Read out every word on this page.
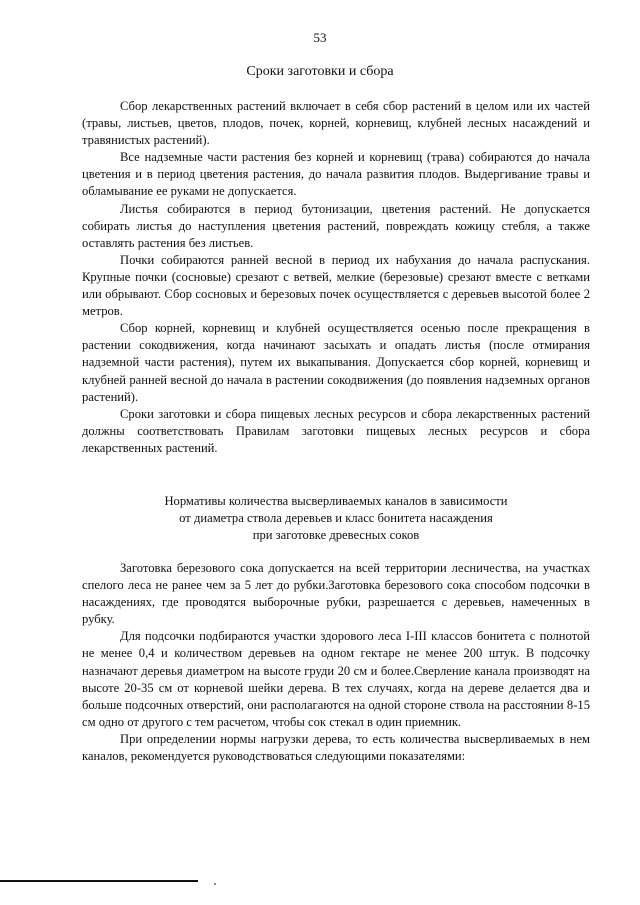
53
Сроки заготовки и сбора

Сбор лекарственных растений включает в себя сбор растений в целом или их частей (травы, листьев, цветов, плодов, почек, корней, корневищ, клубней лесных насаждений и травянистых растений).

Все надземные части растения без корней и корневищ (трава) собираются до начала цветения и в период цветения растения, до начала развития плодов. Выдергивание травы и обламывание ее руками не допускается.

Листья собираются в период бутонизации, цветения растений. Не допускается собирать листья до наступления цветения растений, повреждать кожицу стебля, а также оставлять растения без листьев.

Почки собираются ранней весной в период их набухания до начала распускания. Крупные почки (сосновые) срезают с ветвей, мелкие (березовые) срезают вместе с ветками или обрывают. Сбор сосновых и березовых почек осуществляется с деревьев высотой более 2 метров.

Сбор корней, корневищ и клубней осуществляется осенью после прекращения в растении сокодвижения, когда начинают засыхать и опадать листья (после отмирания надземной части растения), путем их выкапывания. Допускается сбор корней, корневищ и клубней ранней весной до начала в растении сокодвижения (до появления надземных органов растений).

Сроки заготовки и сбора пищевых лесных ресурсов и сбора лекарственных растений должны соответствовать Правилам заготовки пищевых лесных ресурсов и сбора лекарственных растений.

Нормативы количества высверливаемых каналов в зависимости
от диаметра ствола деревьев и класс бонитета насаждения
при заготовке древесных соков

Заготовка березового сока допускается на всей территории лесничества, на участках спелого леса не ранее чем за 5 лет до рубки.Заготовка березового сока способом подсочки в насаждениях, где проводятся выборочные рубки, разрешается с деревьев, намеченных в рубку.

Для подсочки подбираются участки здорового леса I-III классов бонитета с полнотой не менее 0,4 и количеством деревьев на одном гектаре не менее 200 штук. В подсочку назначают деревья диаметром на высоте груди 20 см и более.Сверление канала производят на высоте 20-35 см от корневой шейки дерева. В тех случаях, когда на дереве делается два и больше подсочных отверстий, они располагаются на одной стороне ствола на расстоянии 8-15 см одно от другого с тем расчетом, чтобы сок стекал в один приемник.

При определении нормы нагрузки дерева, то есть количества высверливаемых в нем каналов, рекомендуется руководствоваться следующими показателями:
